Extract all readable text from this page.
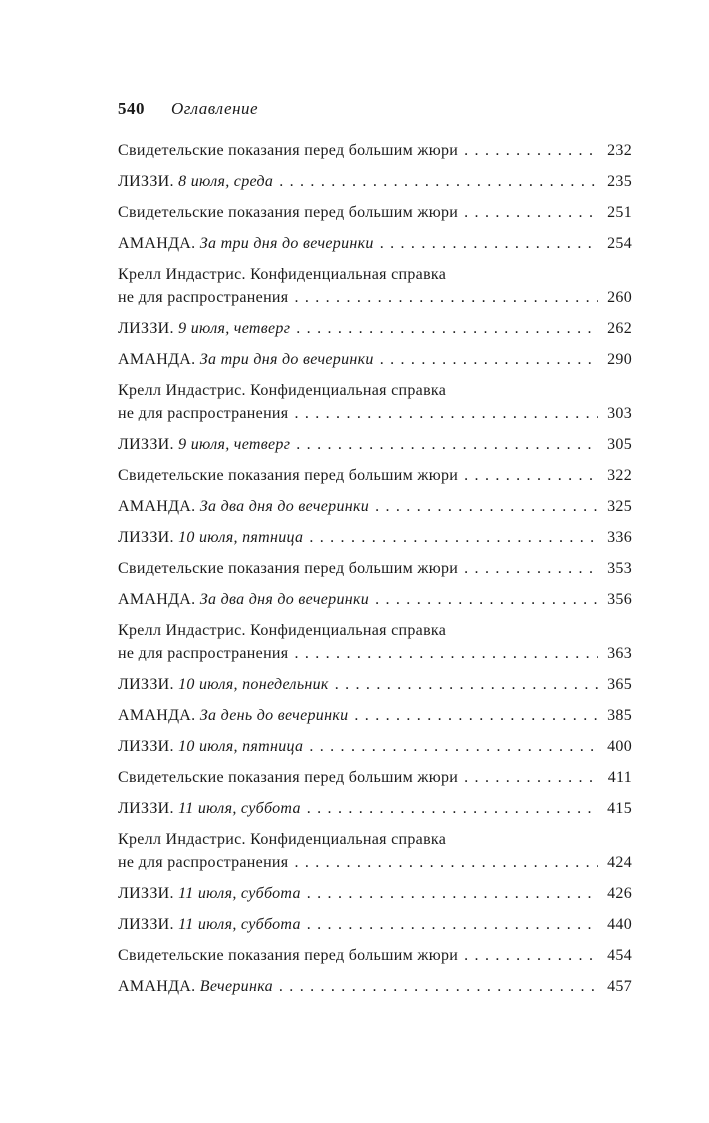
540 Оглавление
Свидетельские показания перед большим жюри . . .	232
ЛИЗЗИ. 8 июля, среда . . .	235
Свидетельские показания перед большим жюри . . .	251
АМАНДА. За три дня до вечеринки . . .	254
Крелл Индастрис. Конфиденциальная справка
не для распространения . . .	260
ЛИЗЗИ. 9 июля, четверг . . .	262
АМАНДА. За три дня до вечеринки . . .	290
Крелл Индастрис. Конфиденциальная справка
не для распространения . . .	303
ЛИЗЗИ. 9 июля, четверг . . .	305
Свидетельские показания перед большим жюри . . .	322
АМАНДА. За два дня до вечеринки . . .	325
ЛИЗЗИ. 10 июля, пятница . . .	336
Свидетельские показания перед большим жюри . . .	353
АМАНДА. За два дня до вечеринки . . .	356
Крелл Индастрис. Конфиденциальная справка
не для распространения . . .	363
ЛИЗЗИ. 10 июля, понедельник . . .	365
АМАНДА. За день до вечеринки . . .	385
ЛИЗЗИ. 10 июля, пятница . . .	400
Свидетельские показания перед большим жюри . . .	411
ЛИЗЗИ. 11 июля, суббота . . .	415
Крелл Индастрис. Конфиденциальная справка
не для распространения . . .	424
ЛИЗЗИ. 11 июля, суббота . . .	426
ЛИЗЗИ. 11 июля, суббота . . .	440
Свидетельские показания перед большим жюри . . .	454
АМАНДА. Вечеринка . . .	457
